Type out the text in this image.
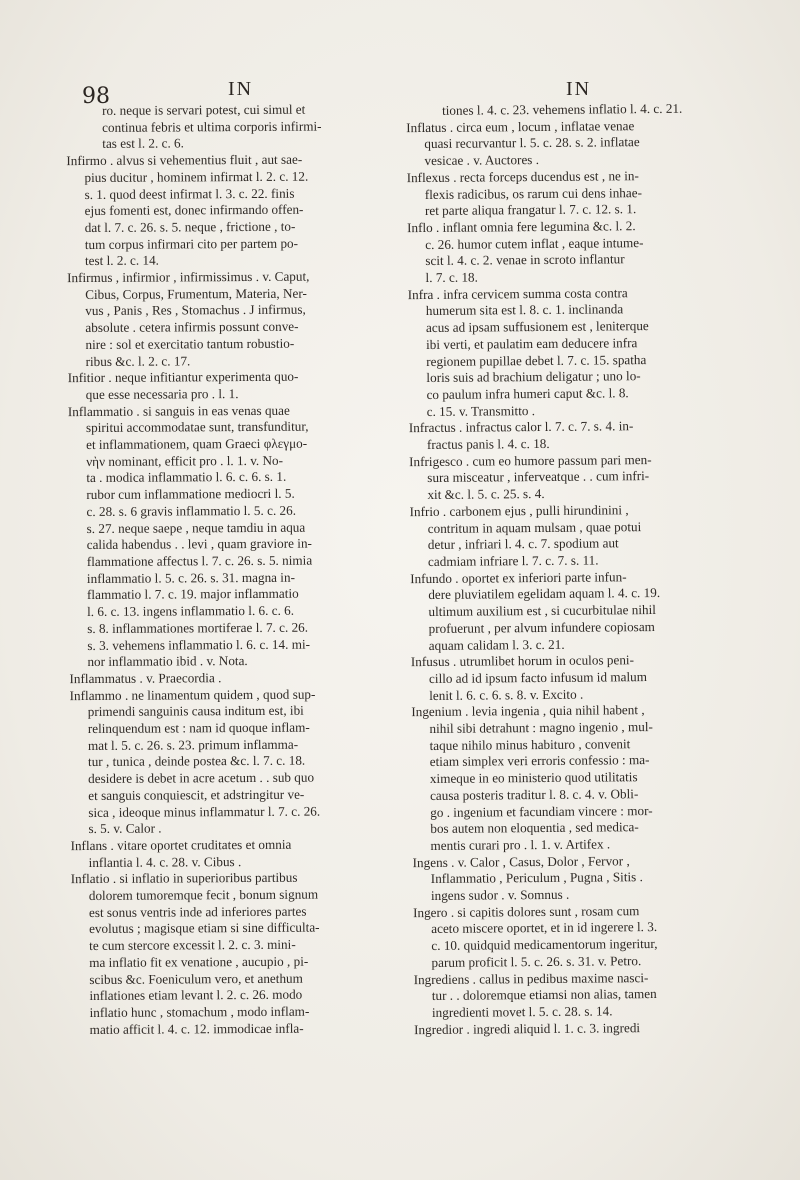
98	IN	IN
ro. neque is servari potest, cui simul et
continua febris et ultima corporis infirmi-
tas est l. 2. c. 6.
Infirmo . alvus si vehementius fluit , aut sae-
pius ducitur , hominem infirmat l. 2. c. 12.
s. 1. quod deest infirmat l. 3. c. 22. finis
ejus fomenti est, donec infirmando offen-
dat l. 7. c. 26. s. 5. neque , frictione , to-
tum corpus infirmari cito per partem po-
test l. 2. c. 14.
Infirmus , infirmior , infirmissimus . v. Caput,
Cibus, Corpus, Frumentum, Materia, Ner-
vus , Panis , Res , Stomachus . J infirmus,
absolute . cetera infirmis possunt conve-
nire : sol et exercitatio tantum robustio-
ribus &c. l. 2. c. 17.
Infitior . neque infitiantur experimenta quo-
que esse necessaria pro . l. 1.
Inflammatio . si sanguis in eas venas quae
spiritui accommodatae sunt, transfunditur,
et inflammationem, quam Graeci φλεγμο-
νὴν nominant, efficit pro . l. 1. v. No-
ta . modica inflammatio l. 6. c. 6. s. 1.
rubor cum inflammatione mediocri l. 5.
c. 28. s. 6 gravis inflammatio l. 5. c. 26.
s. 27. neque saepe , neque tamdiu in aqua
calida habendus . . levi , quam graviore in-
flammatione affectus l. 7. c. 26. s. 5. nimia
inflammatio l. 5. c. 26. s. 31. magna in-
flammatio l. 7. c. 19. major inflammatio
l. 6. c. 13. ingens inflammatio l. 6. c. 6.
s. 8. inflammationes mortiferae l. 7. c. 26.
s. 3. vehemens inflammatio l. 6. c. 14. mi-
nor inflammatio ibid . v. Nota.
Inflammatus . v. Praecordia .
Inflammo . ne linamentum quidem , quod sup-
primendi sanguinis causa inditum est, ibi
relinquendum est : nam id quoque inflam-
mat l. 5. c. 26. s. 23. primum inflamma-
tur , tunica , deinde postea &c. l. 7. c. 18.
desidere is debet in acre acetum . . sub quo
et sanguis conquiescit, et adstringitur ve-
sica , ideoque minus inflammatur l. 7. c. 26.
s. 5. v. Calor .
Inflans . vitare oportet cruditates et omnia
inflantia l. 4. c. 28. v. Cibus .
Inflatio . si inflatio in superioribus partibus
dolorem tumoremque fecit , bonum signum
est sonus ventris inde ad inferiores partes
evolutus ; magisque etiam si sine difficulta-
te cum stercore excessit l. 2. c. 3. mini-
ma inflatio fit ex venatione , aucupio , pi-
scibus &c. Foeniculum vero, et anethum
inflationes etiam levant l. 2. c. 26. modo
inflatio hunc , stomachum , modo inflam-
matio afficit l. 4. c. 12. immodicae infla-
tiones l. 4. c. 23. vehemens inflatio l. 4. c. 21.
Inflatus . circa eum , locum , inflatae venae
quasi recurvantur l. 5. c. 28. s. 2. inflatae
vesicae . v. Auctores .
Inflexus . recta forceps ducendus est , ne in-
flexis radicibus, os rarum cui dens inhae-
ret parte aliqua frangatur l. 7. c. 12. s. 1.
Inflo . inflant omnia fere legumina &c. l. 2.
c. 26. humor cutem inflat , eaque intume-
scit l. 4. c. 2. venae in scroto inflantur
l. 7. c. 18.
Infra . infra cervicem summa costa contra
humerum sita est l. 8. c. 1. inclinanda
acus ad ipsam suffusionem est , leniterque
ibi verti, et paulatim eam deducere infra
regionem pupillae debet l. 7. c. 15. spatha
loris suis ad brachium deligatur ; uno lo-
co paulum infra humeri caput &c. l. 8.
c. 15. v. Transmitto .
Infractus . infractus calor l. 7. c. 7. s. 4. in-
fractus panis l. 4. c. 18.
Infrigesco . cum eo humore passum pari men-
sura misceatur , inferveatque . . cum infri-
xit &c. l. 5. c. 25. s. 4.
Infrio . carbonem ejus , pulli hirundinini ,
contritum in aquam mulsam , quae potui
detur , infriari l. 4. c. 7. spodium aut
cadmiam infriare l. 7. c. 7. s. 11.
Infundo . oportet ex inferiori parte infun-
dere pluviatilem egelidam aquam l. 4. c. 19.
ultimum auxilium est , si cucurbitulae nihil
profuerunt , per alvum infundere copiosam
aquam calidam l. 3. c. 21.
Infusus . utrumlibet horum in oculos peni-
cillo ad id ipsum facto infusum id malum
lenit l. 6. c. 6. s. 8. v. Excito .
Ingenium . levia ingenia , quia nihil habent ,
nihil sibi detrahunt : magno ingenio , mul-
taque nihilo minus habituro , convenit
etiam simplex veri erroris confessio : ma-
ximeque in eo ministerio quod utilitatis
causa posteris traditur l. 8. c. 4. v. Obli-
go . ingenium et facundiam vincere : mor-
bos autem non eloquentia , sed medica-
mentis curari pro . l. 1. v. Artifex .
Ingens . v. Calor , Casus, Dolor , Fervor ,
Inflammatio , Periculum , Pugna , Sitis .
ingens sudor . v. Somnus .
Ingero . si capitis dolores sunt , rosam cum
aceto miscere oportet, et in id ingerere l. 3.
c. 10. quidquid medicamentorum ingeritur,
parum proficit l. 5. c. 26. s. 31. v. Petro.
Ingrediens . callus in pedibus maxime nasci-
tur . . doloremque etiamsi non alias, tamen
ingredienti movet l. 5. c. 28. s. 14.
Ingredior . ingredi aliquid l. 1. c. 3. ingredi
